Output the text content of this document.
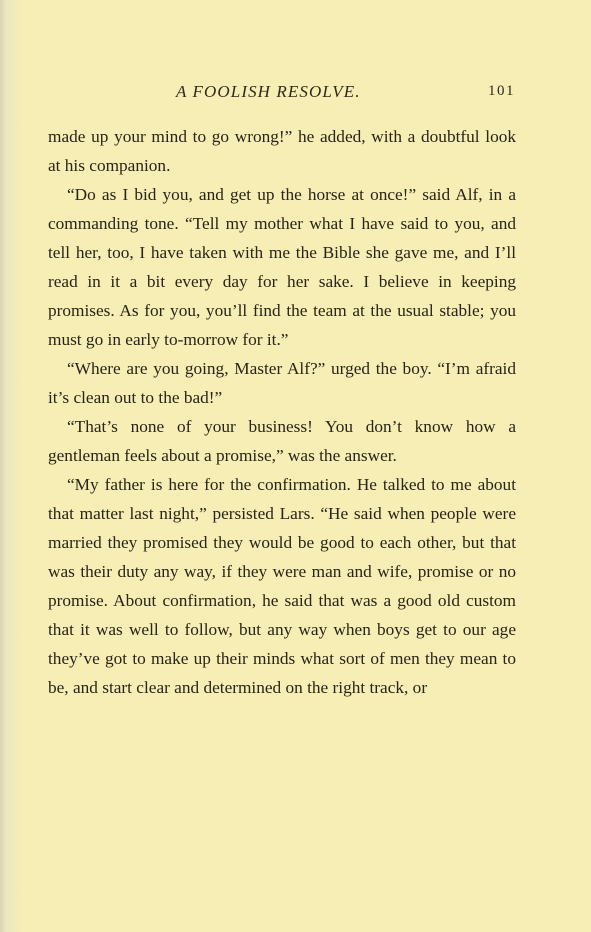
A FOOLISH RESOLVE.	101

made up your mind to go wrong!” he added, with a doubtful look at his companion.

“Do as I bid you, and get up the horse at once!” said Alf, in a commanding tone. “Tell my mother what I have said to you, and tell her, too, I have taken with me the Bible she gave me, and I’ll read in it a bit every day for her sake. I believe in keeping promises. As for you, you’ll find the team at the usual stable; you must go in early to-morrow for it.”

“Where are you going, Master Alf?” urged the boy. “I’m afraid it’s clean out to the bad!”

“That’s none of your business! You don’t know how a gentleman feels about a promise,” was the answer.

“My father is here for the confirmation. He talked to me about that matter last night,” persisted Lars. “He said when people were married they promised they would be good to each other, but that was their duty any way, if they were man and wife, promise or no promise. About confirmation, he said that was a good old custom that it was well to follow, but any way when boys get to our age they’ve got to make up their minds what sort of men they mean to be, and start clear and determined on the right track, or
